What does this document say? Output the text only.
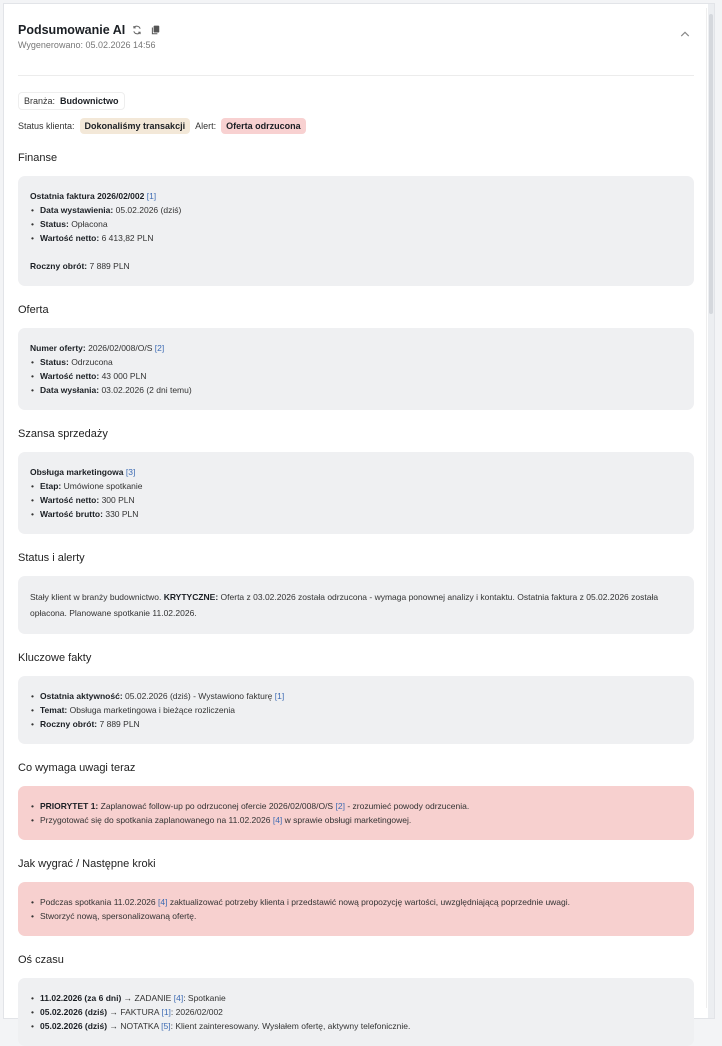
Podsumowanie AI
Wygenerowano: 05.02.2026 14:56
Branża: Budownictwo
Status klienta:	Dokonaliśmy transakcji	Alert:	Oferta odrzucona
Finanse
Ostatnia faktura 2026/02/002 [1]
• Data wystawienia: 05.02.2026 (dziś)
• Status: Opłacona
• Wartość netto: 6 413,82 PLN
Roczny obrót: 7 889 PLN
Oferta
Numer oferty: 2026/02/008/O/S [2]
• Status: Odrzucona
• Wartość netto: 43 000 PLN
• Data wysłania: 03.02.2026 (2 dni temu)
Szansa sprzedaży
Obsługa marketingowa [3]
• Etap: Umówione spotkanie
• Wartość netto: 300 PLN
• Wartość brutto: 330 PLN
Status i alerty
Stały klient w branży budownictwo. KRYTYCZNE: Oferta z 03.02.2026 została odrzucona - wymaga ponownej analizy i kontaktu. Ostatnia faktura z 05.02.2026 została opłacona. Planowane spotkanie 11.02.2026.
Kluczowe fakty
• Ostatnia aktywność: 05.02.2026 (dziś) - Wystawiono fakturę [1]
• Temat: Obsługa marketingowa i bieżące rozliczenia
• Roczny obrót: 7 889 PLN
Co wymaga uwagi teraz
• PRIORYTET 1: Zaplanować follow-up po odrzuconej ofercie 2026/02/008/O/S [2] - zrozumieć powody odrzucenia.
• Przygotować się do spotkania zaplanowanego na 11.02.2026 [4] w sprawie obsługi marketingowej.
Jak wygrać / Następne kroki
• Podczas spotkania 11.02.2026 [4] zaktualizować potrzeby klienta i przedstawić nową propozycję wartości, uwzględniającą poprzednie uwagi.
• Stworzyć nową, spersonalizowaną ofertę.
Oś czasu
• 11.02.2026 (za 6 dni) → ZADANIE [4]: Spotkanie
• 05.02.2026 (dziś) → FAKTURA [1]: 2026/02/002
• 05.02.2026 (dziś) → NOTATKA [5]: Klient zainteresowany. Wysłałem ofertę, aktywny telefonicznie.
